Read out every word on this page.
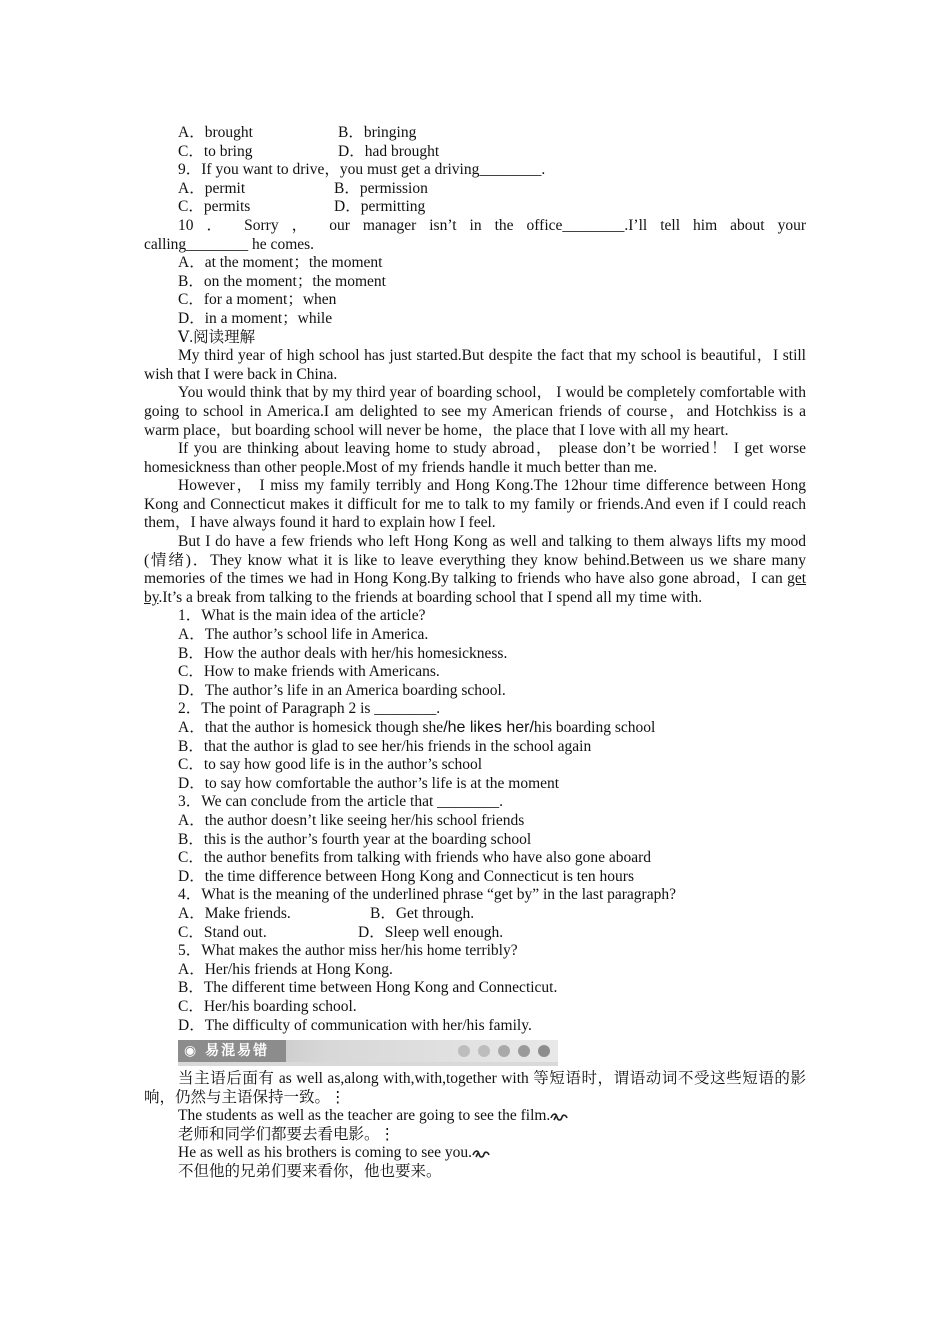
A．brought	B．bringing
C．to bring	D．had brought
9．If you want to drive，you must get a driving________.
A．permit	B．permission
C．permits	D．permitting
10 ． Sorry ， our manager isn’t in the office________.I’ll tell him about your
calling________ he comes.
A．at the moment；the moment
B．on the moment；the moment
C．for a moment；when
D．in a moment；while
Ⅴ.阅读理解
My third year of high school has just started.But despite the fact that my school is beautiful，I still wish that I were back in China.
You would think that by my third year of boarding school， I would be completely comfortable with going to school in America.I am delighted to see my American friends of course，and Hotchkiss is a warm place，but boarding school will never be home，the place that I love with all my heart.
If you are thinking about leaving home to study abroad， please don’t be worried！ I get worse homesickness than other people.Most of my friends handle it much better than me.
However， I miss my family terribly and Hong Kong.The 12hour time difference between Hong Kong and Connecticut makes it difficult for me to talk to my family or friends.And even if I could reach them，I have always found it hard to explain how I feel.
But I do have a few friends who left Hong Kong as well and talking to them always lifts my mood (情绪)．They know what it is like to leave everything they know behind.Between us we share many memories of the times we had in Hong Kong.By talking to friends who have also gone abroad，I can get by.It’s a break from talking to the friends at boarding school that I spend all my time with.
1．What is the main idea of the article?
A．The author’s school life in America.
B．How the author deals with her/his homesickness.
C．How to make friends with Americans.
D．The author’s life in an America boarding school.
2．The point of Paragraph 2 is ________.
A．that the author is homesick though she/he likes her/his boarding school
B．that the author is glad to see her/his friends in the school again
C．to say how good life is in the author’s school
D．to say how comfortable the author’s life is at the moment
3．We can conclude from the article that ________.
A．the author doesn’t like seeing her/his school friends
B．this is the author’s fourth year at the boarding school
C．the author benefits from talking with friends who have also gone aboard
D．the time difference between Hong Kong and Connecticut is ten hours
4．What is the meaning of the underlined phrase “get by” in the last paragraph?
A．Make friends.	B．Get through.
C．Stand out.	D．Sleep well enough.
5．What makes the author miss her/his home terribly?
A．Her/his friends at Hong Kong.
B．The different time between Hong Kong and Connecticut.
C．Her/his boarding school.
D．The difficulty of communication with her/his family.
◉ 易混易错
当主语后面有 as well as,along with,with,together with 等短语时，谓语动词不受这些短语的影响，仍然与主语保持一致。⋮
The students as well as the teacher are going to see the film.
老师和同学们都要去看电影。⋮
He as well as his brothers is coming to see you.
不但他的兄弟们要来看你，他也要来。
